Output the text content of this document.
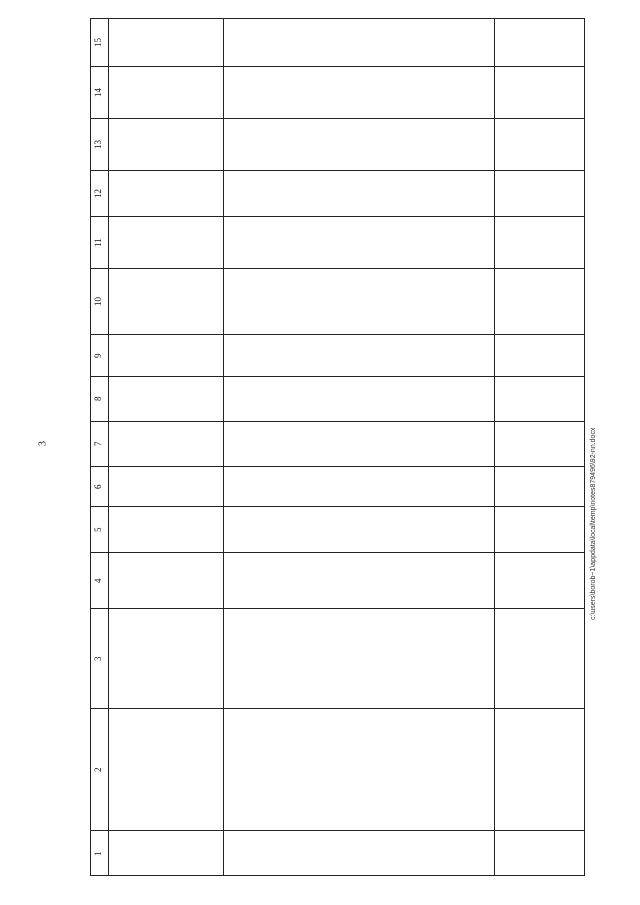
3
1
2
3
4
5
6
7
8
9
10
11
12
13
14
15
c:\users\borob~1\appdata\local\temp\notes879496\92-nn.docx
